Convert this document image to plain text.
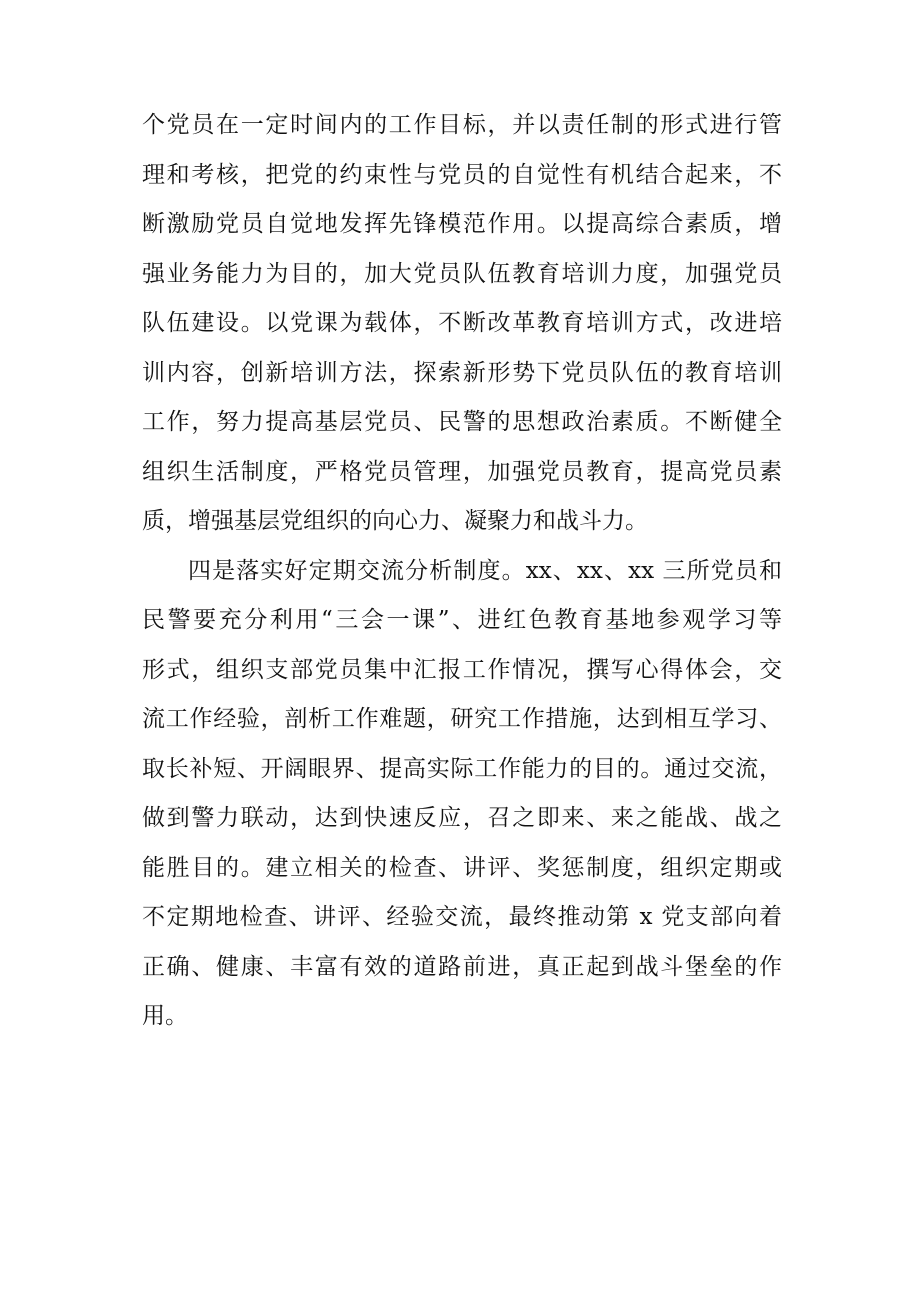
个党员在一定时间内的工作目标，并以责任制的形式进行管
理和考核，把党的约束性与党员的自觉性有机结合起来，不
断激励党员自觉地发挥先锋模范作用。以提高综合素质，增
强业务能力为目的，加大党员队伍教育培训力度，加强党员
队伍建设。以党课为载体，不断改革教育培训方式，改进培
训内容，创新培训方法，探索新形势下党员队伍的教育培训
工作，努力提高基层党员、民警的思想政治素质。不断健全
组织生活制度，严格党员管理，加强党员教育，提高党员素
质，增强基层党组织的向心力、凝聚力和战斗力。
四是落实好定期交流分析制度。xx、xx、xx 三所党员和
民警要充分利用“三会一课”、进红色教育基地参观学习等
形式，组织支部党员集中汇报工作情况，撰写心得体会，交
流工作经验，剖析工作难题，研究工作措施，达到相互学习、
取长补短、开阔眼界、提高实际工作能力的目的。通过交流，
做到警力联动，达到快速反应，召之即来、来之能战、战之
能胜目的。建立相关的检查、讲评、奖惩制度，组织定期或
不定期地检查、讲评、经验交流，最终推动第 x 党支部向着
正确、健康、丰富有效的道路前进，真正起到战斗堡垒的作
用。
